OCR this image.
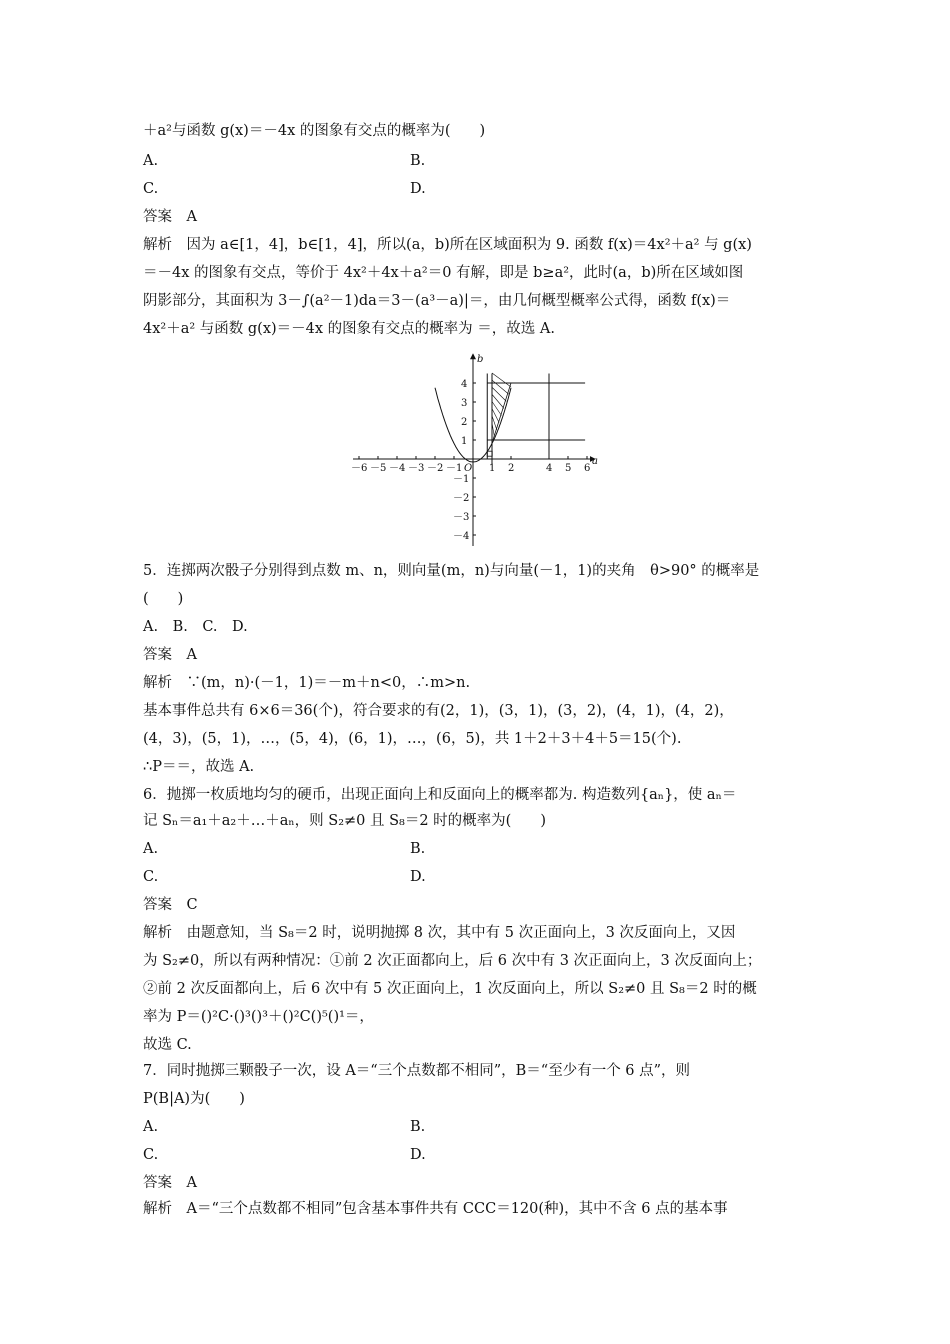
＋a²与函数 g(x)＝－4x 的图象有交点的概率为(　　)
A.	B.
C.	D.
答案　A
解析　因为 a∈[1，4]，b∈[1，4]，所以(a，b)所在区域面积为 9. 函数 f(x)＝4x²＋a² 与 g(x)
＝－4x 的图象有交点，等价于 4x²＋4x＋a²＝0 有解，即是 b≥a²，此时(a，b)所在区域如图
阴影部分，其面积为 3－∫(a²－1)da＝3－(a³－a)|＝，由几何概型概率公式得，函数 f(x)＝
4x²＋a² 与函数 g(x)＝－4x 的图象有交点的概率为 ＝，故选 A.
－6 －5 －4 －3 －2 －1 O 1 2	4 5 6
4
3
2
1
－1
－2
－3
－4
a
b
5．连掷两次骰子分别得到点数 m、n，则向量(m，n)与向量(－1，1)的夹角　θ>90° 的概率是
(　　)
A.　B.　C.　D.
答案　A
解析　∵(m，n)·(－1，1)＝－m＋n<0，∴m>n.
基本事件总共有 6×6＝36(个)，符合要求的有(2，1)，(3，1)，(3，2)，(4，1)，(4，2)，
(4，3)，(5，1)，…，(5，4)，(6，1)，…，(6，5)，共 1＋2＋3＋4＋5＝15(个).
∴P＝＝，故选 A.
6．抛掷一枚质地均匀的硬币，出现正面向上和反面向上的概率都为. 构造数列{aₙ}，使 aₙ＝
记 Sₙ＝a₁＋a₂＋…＋aₙ，则 S₂≠0 且 S₈＝2 时的概率为(　　)
A.	B.
C.	D.
答案　C
解析　由题意知，当 S₈＝2 时，说明抛掷 8 次，其中有 5 次正面向上，3 次反面向上，又因
为 S₂≠0，所以有两种情况：①前 2 次正面都向上，后 6 次中有 3 次正面向上，3 次反面向上；
②前 2 次反面都向上，后 6 次中有 5 次正面向上，1 次反面向上，所以 S₂≠0 且 S₈＝2 时的概
率为 P＝()²C·()³()³＋()²C()⁵()¹＝，
故选 C.
7．同时抛掷三颗骰子一次，设 A＝“三个点数都不相同”，B＝“至少有一个 6 点”，则
P(B|A)为(　　)
A.	B.
C.	D.
答案　A
解析　A＝“三个点数都不相同”包含基本事件共有 CCC＝120(种)，其中不含 6 点的基本事
